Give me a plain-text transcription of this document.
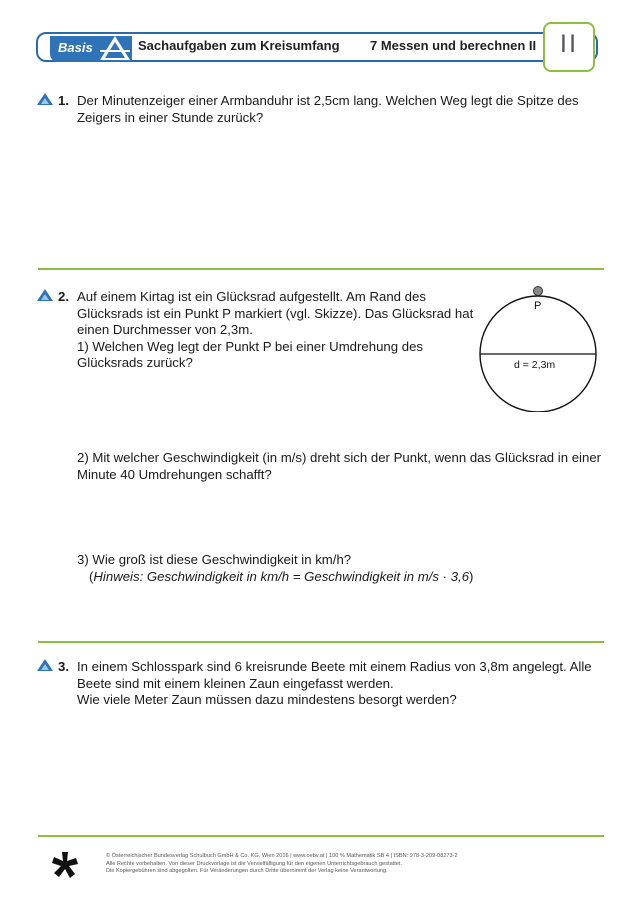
Basis	Sachaufgaben zum Kreisumfang 7 Messen und berechnen II II
1. Der Minutenzeiger einer Armbanduhr ist 2,5cm lang. Welchen Weg legt die Spitze des
Zeigers in einer Stunde zurück?
2. Auf einem Kirtag ist ein Glücksrad aufgestellt. Am Rand des
Glücksrads ist ein Punkt P markiert (vgl. Skizze). Das Glücksrad hat
einen Durchmesser von 2,3m.
1) Welchen Weg legt der Punkt P bei einer Umdrehung des
Glücksrads zurück?
P
d = 2,3m
2) Mit welcher Geschwindigkeit (in m/s) dreht sich der Punkt, wenn das Glücksrad in einer
Minute 40 Umdrehungen schafft?
3) Wie groß ist diese Geschwindigkeit in km/h?
(Hinweis: Geschwindigkeit in km/h = Geschwindigkeit in m/s · 3,6)
3. In einem Schlosspark sind 6 kreisrunde Beete mit einem Radius von 3,8m angelegt. Alle
Beete sind mit einem kleinen Zaun eingefasst werden.
Wie viele Meter Zaun müssen dazu mindestens besorgt werden?
© Österreichischer Bundesverlag Schulbuch GmbH & Co. KG, Wien 2016 | www.oebv.at | 100 % Mathematik SB 4 | ISBN: 978-3-209-08273-2
Alle Rechte vorbehalten. Von dieser Druckvorlage ist die Vervielfältigung für den eigenen Unterrichtsgebrauch gestattet.
Die Kopiergebühren sind abgegolten. Für Veränderungen durch Dritte übernimmt der Verlag keine Verantwortung.
